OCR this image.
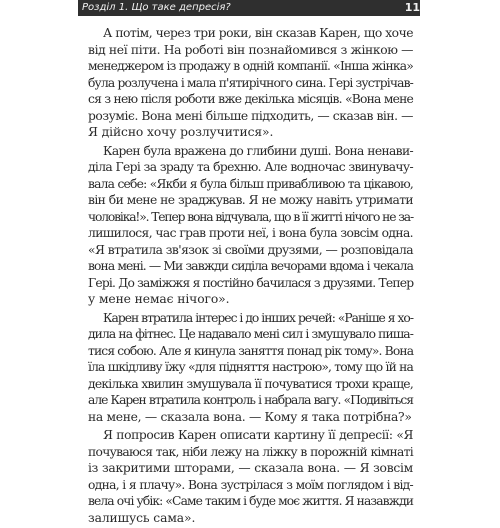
Розділ 1. Що таке депресія?	11
А потім, через три роки, він сказав Карен, що хоче
від неї піти. На роботі він познайомився з жінкою —
менеджером із продажу в одній компанії. «Інша жінка»
була розлучена і мала п'ятирічного сина. Гері зустрічав-
ся з нею після роботи вже декілька місяців. «Вона мене
розуміє. Вона мені більше підходить, — сказав він. —
Я дійсно хочу розлучитися».
Карен була вражена до глибини душі. Вона ненави-
діла Гері за зраду та брехню. Але водночас звинувачу-
вала себе: «Якби я була більш привабливою та цікавою,
він би мене не зраджував. Я не можу навіть утримати
чоловіка!». Тепер вона відчувала, що в її житті нічого не за-
лишилося, час грав проти неї, і вона була зовсім одна.
«Я втратила зв'язок зі своїми друзями, — розповідала
вона мені. — Ми завжди сиділа вечорами вдома і чекала
Гері. До заміжжя я постійно бачилася з друзями. Тепер
у мене немає нічого».
Карен втратила інтерес і до інших речей: «Раніше я хо-
дила на фітнес. Це надавало мені сил і змушувало пиша-
тися собою. Але я кинула заняття понад рік тому». Вона
їла шкідливу їжу «для підняття настрою», тому що їй на
декілька хвилин змушувала її почуватися трохи краще,
але Карен втратила контроль і набрала вагу. «Подивіться
на мене, — сказала вона. — Кому я така потрібна?»
Я попросив Карен описати картину її депресії: «Я
почуваюся так, ніби лежу на ліжку в порожній кімнаті
із закритими шторами, — сказала вона. — Я зовсім
одна, і я плачу». Вона зустрілася з моїм поглядом і від-
вела очі убік: «Саме таким і буде моє життя. Я назавжди
залишусь сама».
